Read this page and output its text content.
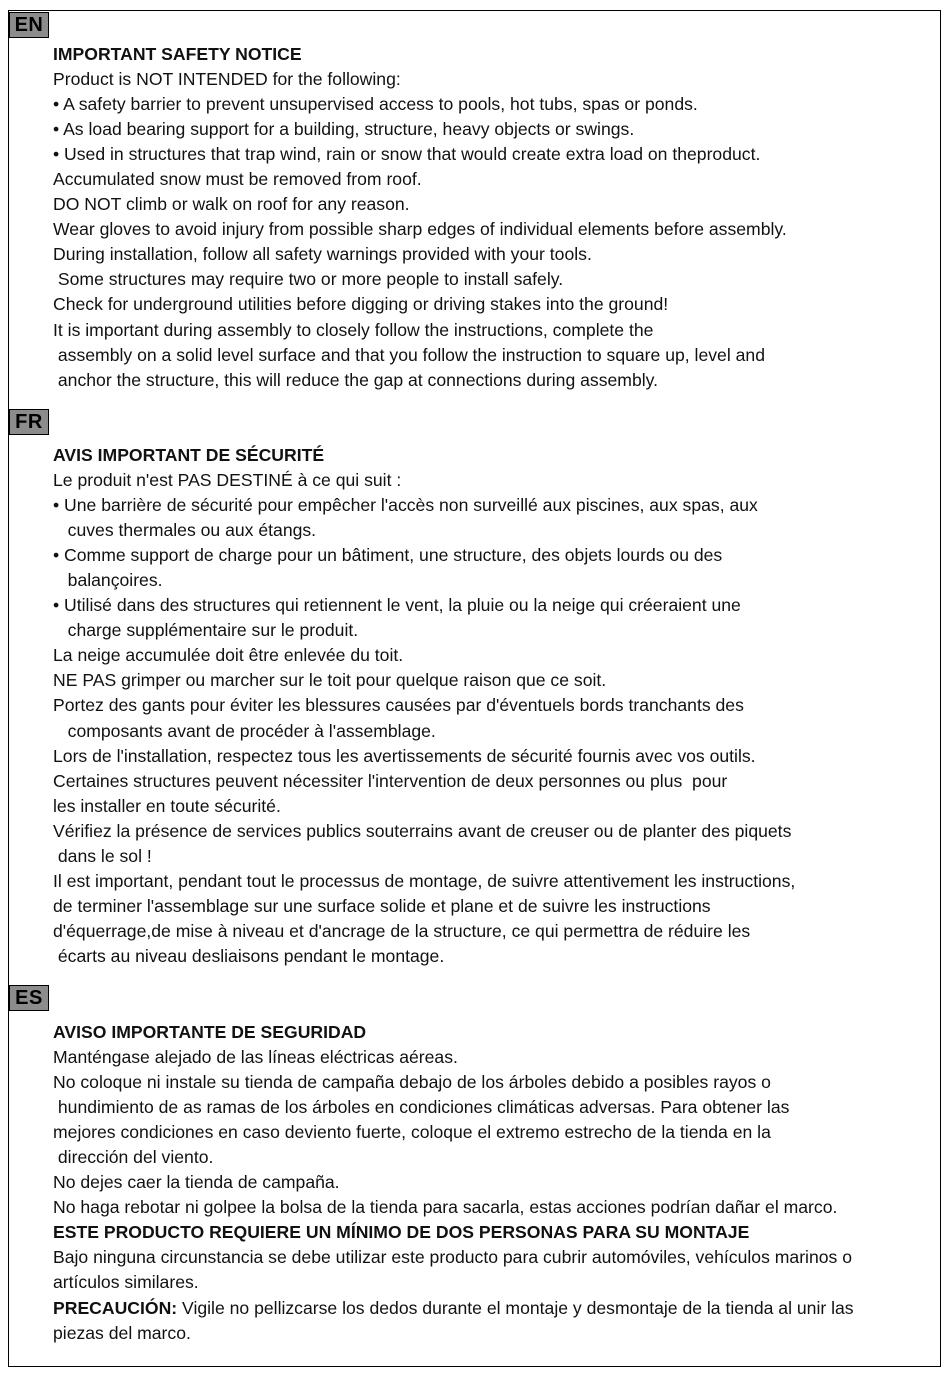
EN
IMPORTANT SAFETY NOTICE
Product is NOT INTENDED for the following:
• A safety barrier to prevent unsupervised access to pools, hot tubs, spas or ponds.
• As load bearing support for a building, structure, heavy objects or swings.
• Used in structures that trap wind, rain or snow that would create extra load on theproduct.
Accumulated snow must be removed from roof.
DO NOT climb or walk on roof for any reason.
Wear gloves to avoid injury from possible sharp edges of individual elements before assembly.
During installation, follow all safety warnings provided with your tools.
Some structures may require two or more people to install safely.
Check for underground utilities before digging or driving stakes into the ground!
It is important during assembly to closely follow the instructions, complete the
assembly on a solid level surface and that you follow the instruction to square up, level and
anchor the structure, this will reduce the gap at connections during assembly.
FR
AVIS IMPORTANT DE SÉCURITÉ
Le produit n'est PAS DESTINÉ à ce qui suit :
• Une barrière de sécurité pour empêcher l'accès non surveillé aux piscines, aux spas, aux
cuves thermales ou aux étangs.
• Comme support de charge pour un bâtiment, une structure, des objets lourds ou des
balançoires.
• Utilisé dans des structures qui retiennent le vent, la pluie ou la neige qui créeraient une
charge supplémentaire sur le produit.
La neige accumulée doit être enlevée du toit.
NE PAS grimper ou marcher sur le toit pour quelque raison que ce soit.
Portez des gants pour éviter les blessures causées par d'éventuels bords tranchants des
composants avant de procéder à l'assemblage.
Lors de l'installation, respectez tous les avertissements de sécurité fournis avec vos outils.
Certaines structures peuvent nécessiter l'intervention de deux personnes ou plus  pour
les installer en toute sécurité.
Vérifiez la présence de services publics souterrains avant de creuser ou de planter des piquets
dans le sol !
Il est important, pendant tout le processus de montage, de suivre attentivement les instructions,
de terminer l'assemblage sur une surface solide et plane et de suivre les instructions
d'équerrage,de mise à niveau et d'ancrage de la structure, ce qui permettra de réduire les
écarts au niveau desliaisons pendant le montage.
ES
AVISO IMPORTANTE DE SEGURIDAD
Manténgase alejado de las líneas eléctricas aéreas.
No coloque ni instale su tienda de campaña debajo de los árboles debido a posibles rayos o
hundimiento de as ramas de los árboles en condiciones climáticas adversas. Para obtener las
mejores condiciones en caso deviento fuerte, coloque el extremo estrecho de la tienda en la
dirección del viento.
No dejes caer la tienda de campaña.
No haga rebotar ni golpee la bolsa de la tienda para sacarla, estas acciones podrían dañar el marco.
ESTE PRODUCTO REQUIERE UN MÍNIMO DE DOS PERSONAS PARA SU MONTAJE
Bajo ninguna circunstancia se debe utilizar este producto para cubrir automóviles, vehículos marinos o
artículos similares.
PRECAUCIÓN: Vigile no pellizcarse los dedos durante el montaje y desmontaje de la tienda al unir las
piezas del marco.
